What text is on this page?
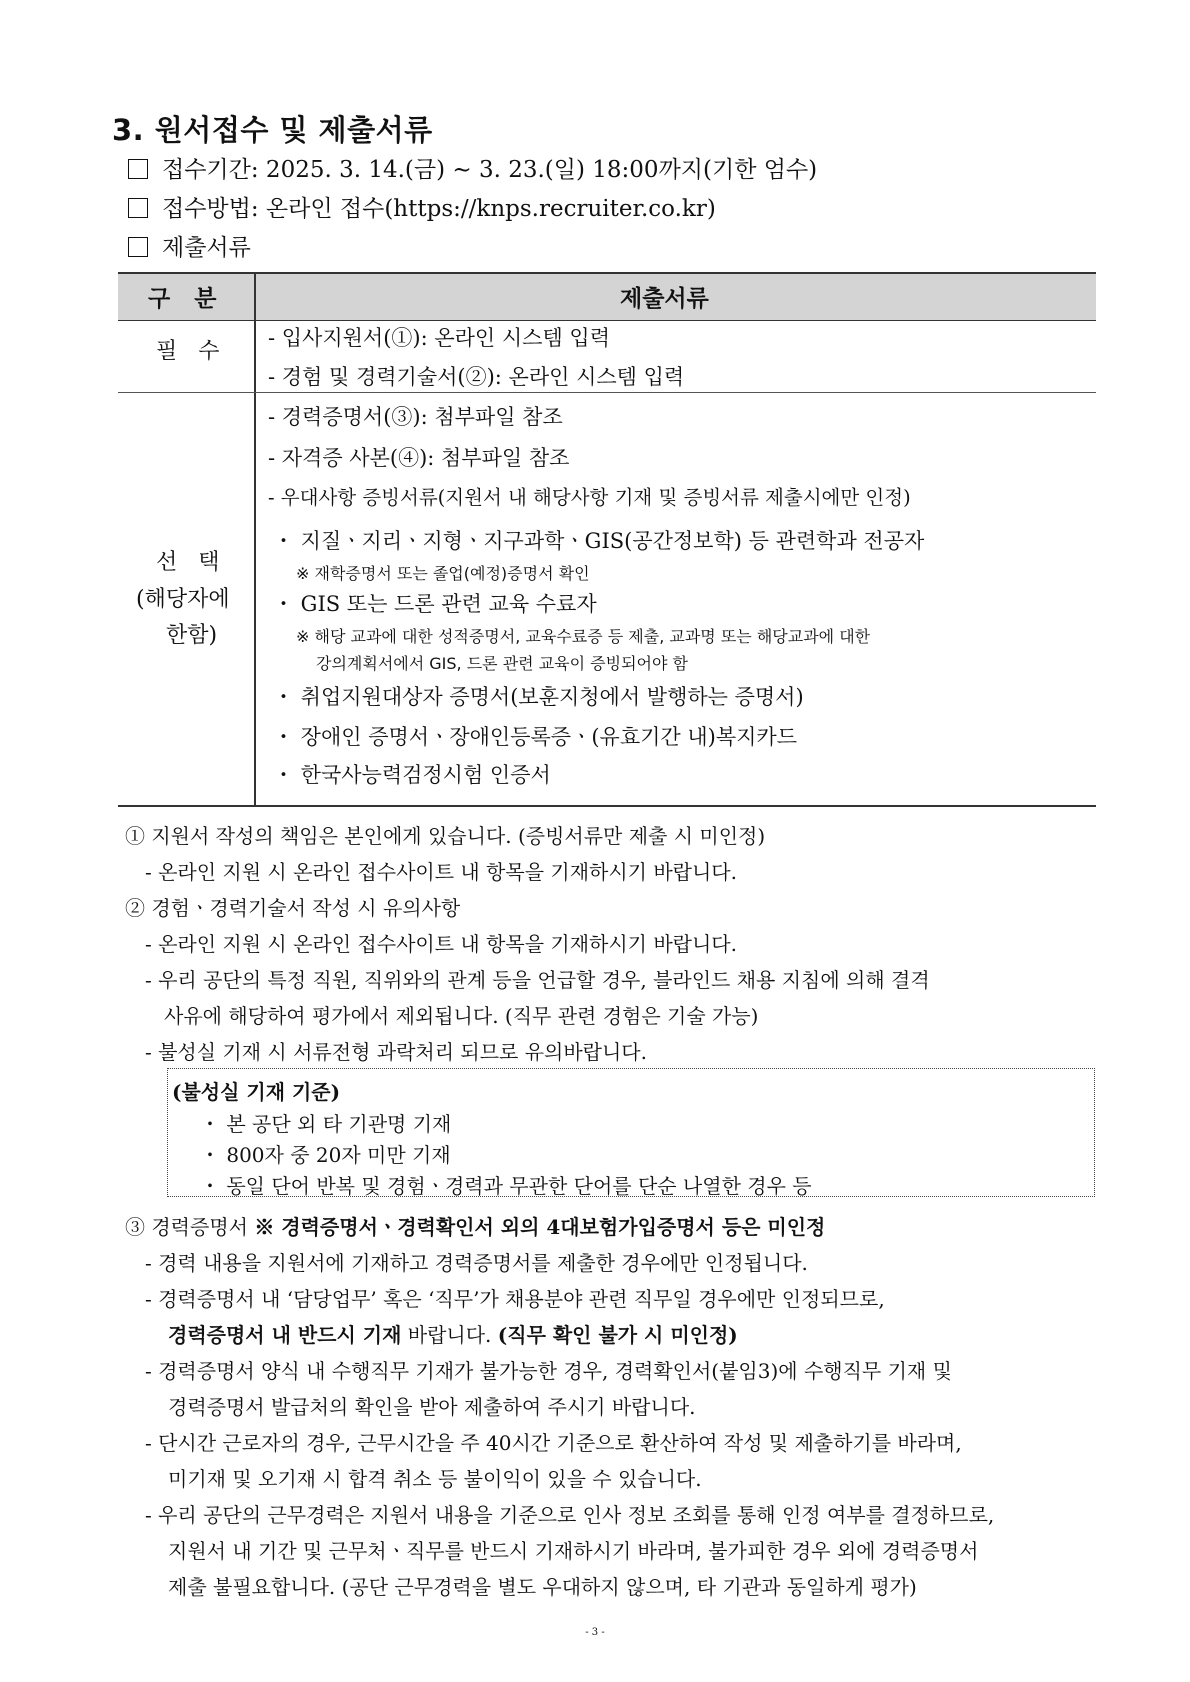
3. 원서접수 및 제출서류
접수기간: 2025. 3. 14.(금) ∼ 3. 23.(일) 18:00까지(기한 엄수)
접수방법: 온라인 접수(https://knps.recruiter.co.kr)
제출서류
구   분	제출서류
필   수
- 입사지원서(①): 온라인 시스템 입력
- 경험 및 경력기술서(②): 온라인 시스템 입력
선   택
(해당자에
한함)
- 경력증명서(③): 첨부파일 참조
- 자격증 사본(④): 첨부파일 참조
- 우대사항 증빙서류(지원서 내 해당사항 기재 및 증빙서류 제출시에만 인정)
・ 지질ㆍ지리ㆍ지형ㆍ지구과학ㆍGIS(공간정보학) 등 관련학과 전공자
※ 재학증명서 또는 졸업(예정)증명서 확인
・ GIS 또는 드론 관련 교육 수료자
※ 해당 교과에 대한 성적증명서, 교육수료증 등 제출, 교과명 또는 해당교과에 대한
강의계획서에서 GIS, 드론 관련 교육이 증빙되어야 함
・ 취업지원대상자 증명서(보훈지청에서 발행하는 증명서)
・ 장애인 증명서ㆍ장애인등록증ㆍ(유효기간 내)복지카드
・ 한국사능력검정시험 인증서
① 지원서 작성의 책임은 본인에게 있습니다. (증빙서류만 제출 시 미인정)
- 온라인 지원 시 온라인 접수사이트 내 항목을 기재하시기 바랍니다.
② 경험ㆍ경력기술서 작성 시 유의사항
- 온라인 지원 시 온라인 접수사이트 내 항목을 기재하시기 바랍니다.
- 우리 공단의 특정 직원, 직위와의 관계 등을 언급할 경우, 블라인드 채용 지침에 의해 결격
사유에 해당하여 평가에서 제외됩니다. (직무 관련 경험은 기술 가능)
- 불성실 기재 시 서류전형 과락처리 되므로 유의바랍니다.
(불성실 기재 기준)
・ 본 공단 외 타 기관명 기재
・ 800자 중 20자 미만 기재
・ 동일 단어 반복 및 경험ㆍ경력과 무관한 단어를 단순 나열한 경우 등
③ 경력증명서 ※ 경력증명서ㆍ경력확인서 외의 4대보험가입증명서 등은 미인정
- 경력 내용을 지원서에 기재하고 경력증명서를 제출한 경우에만 인정됩니다.
- 경력증명서 내 ‘담당업무’ 혹은 ‘직무’가 채용분야 관련 직무일 경우에만 인정되므로,
경력증명서 내 반드시 기재 바랍니다. (직무 확인 불가 시 미인정)
- 경력증명서 양식 내 수행직무 기재가 불가능한 경우, 경력확인서(붙임3)에 수행직무 기재 및
경력증명서 발급처의 확인을 받아 제출하여 주시기 바랍니다.
- 단시간 근로자의 경우, 근무시간을 주 40시간 기준으로 환산하여 작성 및 제출하기를 바라며,
미기재 및 오기재 시 합격 취소 등 불이익이 있을 수 있습니다.
- 우리 공단의 근무경력은 지원서 내용을 기준으로 인사 정보 조회를 통해 인정 여부를 결정하므로,
지원서 내 기간 및 근무처ㆍ직무를 반드시 기재하시기 바라며, 불가피한 경우 외에 경력증명서
제출 불필요합니다. (공단 근무경력을 별도 우대하지 않으며, 타 기관과 동일하게 평가)
- 3 -
